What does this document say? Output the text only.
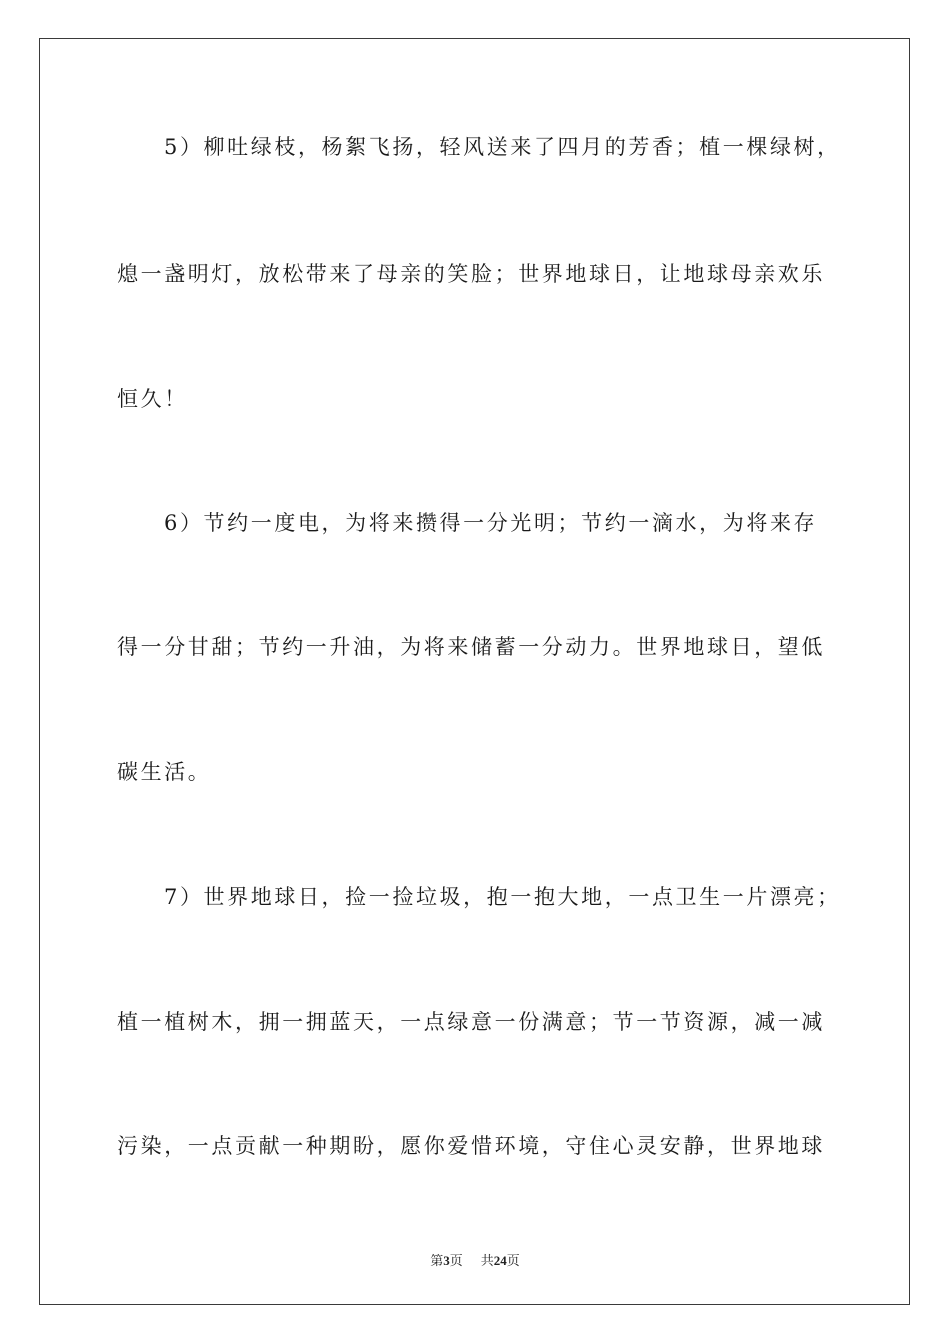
5）柳吐绿枝，杨絮飞扬，轻风送来了四月的芳香；植一棵绿树，
熄一盏明灯，放松带来了母亲的笑脸；世界地球日，让地球母亲欢乐
恒久！
6）节约一度电，为将来攒得一分光明；节约一滴水，为将来存
得一分甘甜；节约一升油，为将来储蓄一分动力。世界地球日，望低
碳生活。
7）世界地球日，捡一捡垃圾，抱一抱大地，一点卫生一片漂亮；
植一植树木，拥一拥蓝天，一点绿意一份满意；节一节资源，减一减
污染，一点贡献一种期盼，愿你爱惜环境，守住心灵安静，世界地球
第3页 共24页
